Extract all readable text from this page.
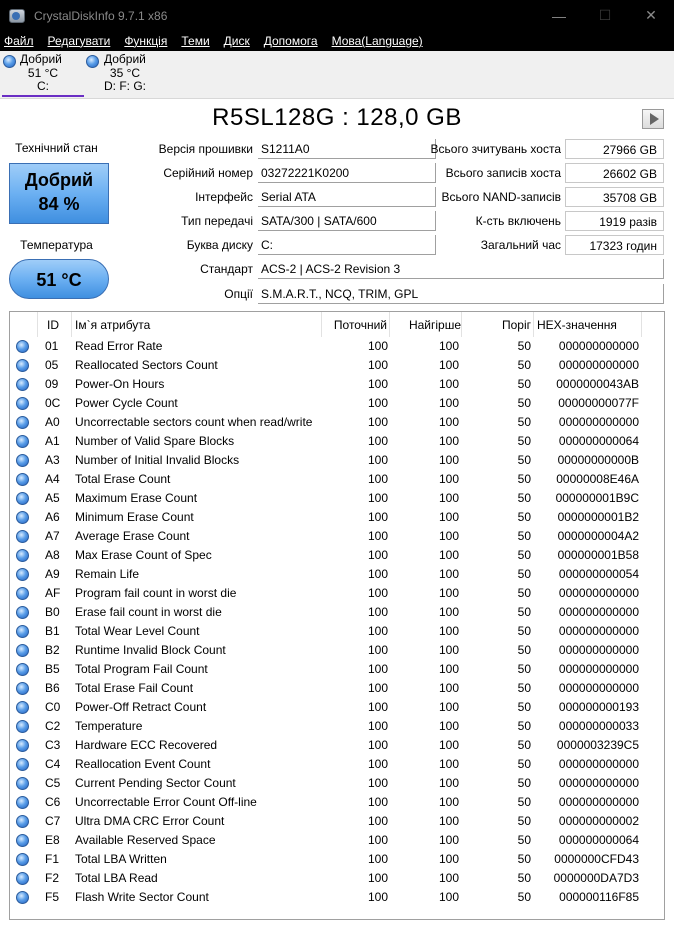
CrystalDiskInfo 9.7.1 x86	—	☐	✕
Файл Редагувати Функція Теми Диск Допомога Мова(Language)
Добрий
51 °C
C:
Добрий
35 °C
D: F: G:
R5SL128G : 128,0 GB
Технічний стан
Добрий
84 %
Температура
51 °C
Версія прошивки S1211A0
Серійний номер 03272221K0200
Інтерфейс Serial ATA
Тип передачі SATA/300 | SATA/600
Буква диску C:
Всього зчитувань хоста	27966 GB
Всього записів хоста	26602 GB
Всього NAND-записів	35708 GB
К-сть включень	1919 разів
Загальний час	17323 годин
Стандарт ACS-2 | ACS-2 Revision 3
Опції S.M.A.R.T., NCQ, TRIM, GPL
ID	Ім`я атрибута	Поточний	Найгірше	Поріг HEX-значення
01	Read Error Rate	100	100	50	000000000000
05	Reallocated Sectors Count	100	100	50	000000000000
09	Power-On Hours	100	100	50	0000000043AB
0C	Power Cycle Count	100	100	50	00000000077F
A0	Uncorrectable sectors count when read/write	100	100	50	000000000000
A1	Number of Valid Spare Blocks	100	100	50	000000000064
A3	Number of Initial Invalid Blocks	100	100	50	00000000000B
A4	Total Erase Count	100	100	50	00000008E46A
A5	Maximum Erase Count	100	100	50	000000001B9C
A6	Minimum Erase Count	100	100	50	0000000001B2
A7	Average Erase Count	100	100	50	0000000004A2
A8	Max Erase Count of Spec	100	100	50	000000001B58
A9	Remain Life	100	100	50	000000000054
AF	Program fail count in worst die	100	100	50	000000000000
B0	Erase fail count in worst die	100	100	50	000000000000
B1	Total Wear Level Count	100	100	50	000000000000
B2	Runtime Invalid Block Count	100	100	50	000000000000
B5	Total Program Fail Count	100	100	50	000000000000
B6	Total Erase Fail Count	100	100	50	000000000000
C0	Power-Off Retract Count	100	100	50	000000000193
C2	Temperature	100	100	50	000000000033
C3	Hardware ECC Recovered	100	100	50	0000003239C5
C4	Reallocation Event Count	100	100	50	000000000000
C5	Current Pending Sector Count	100	100	50	000000000000
C6	Uncorrectable Error Count Off-line	100	100	50	000000000000
C7	Ultra DMA CRC Error Count	100	100	50	000000000002
E8	Available Reserved Space	100	100	50	000000000064
F1	Total LBA Written	100	100	50	0000000CFD43
F2	Total LBA Read	100	100	50	0000000DA7D3
F5	Flash Write Sector Count	100	100	50	000000116F85
